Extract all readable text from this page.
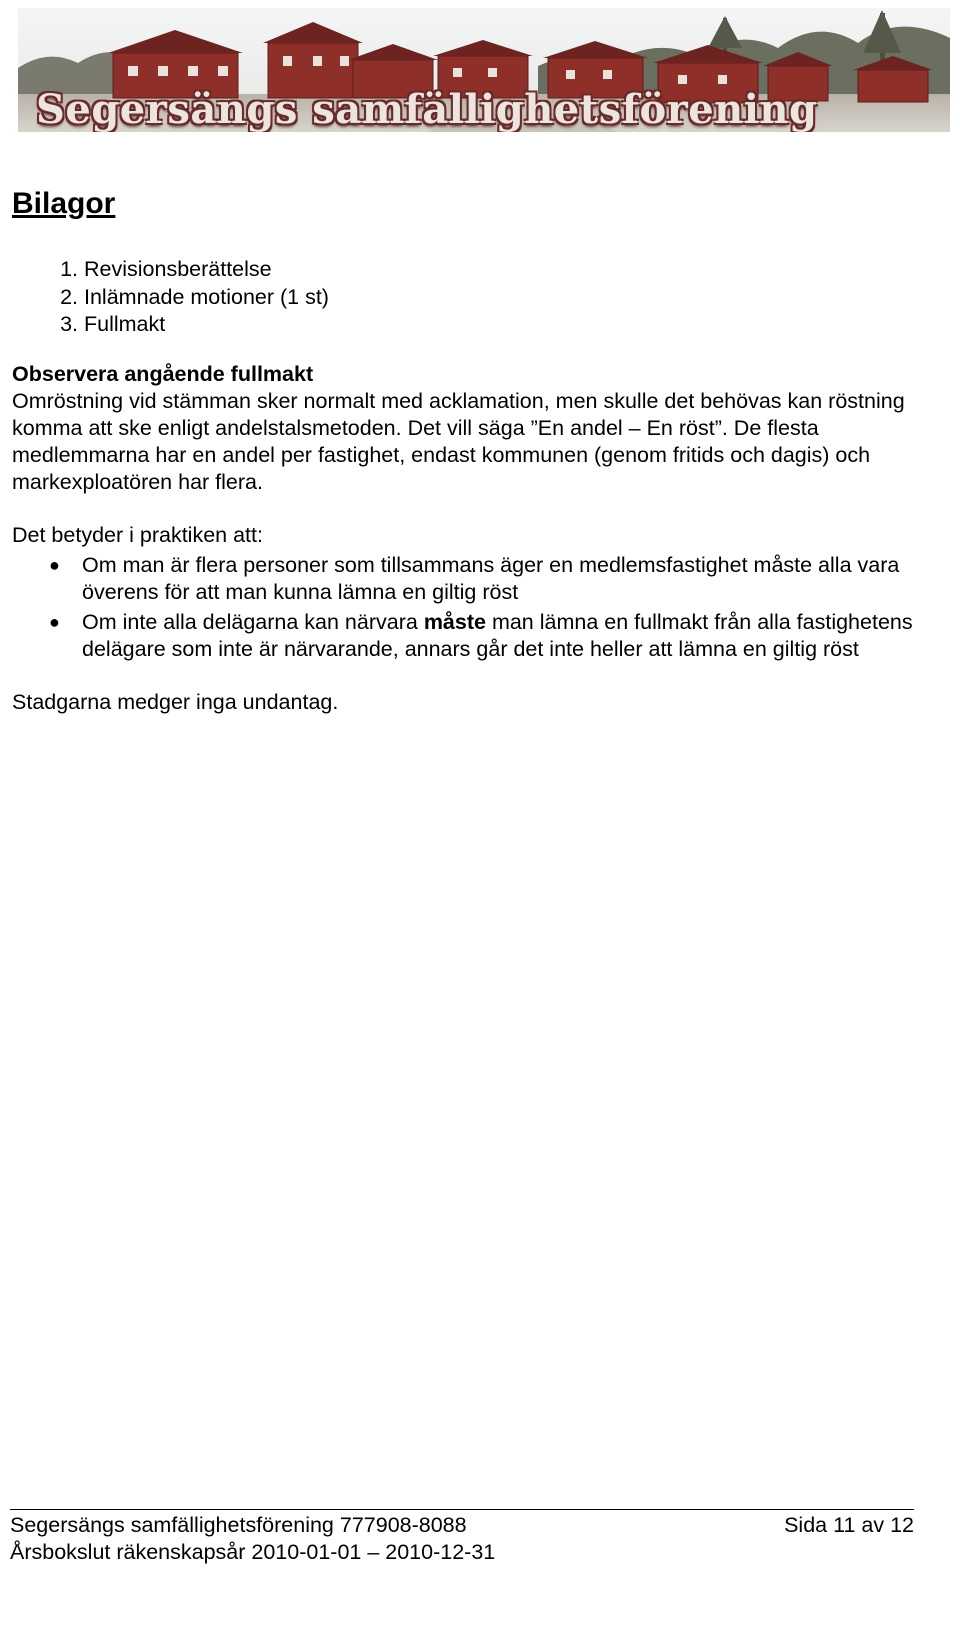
Segersängs samfällighetsförening
Bilagor
1. Revisionsberättelse
2. Inlämnade motioner (1 st)
3. Fullmakt
Observera angående fullmakt

Omröstning vid stämman sker normalt med acklamation, men skulle det behövas kan röstning komma att ske enligt andelstalsmetoden. Det vill säga ”En andel – En röst”. De flesta medlemmarna har en andel per fastighet, endast kommunen (genom fritids och dagis) och markexploatören har flera.

Det betyder i praktiken att:

● Om man är flera personer som tillsammans äger en medlemsfastighet måste alla vara överens för att man kunna lämna en giltig röst
● Om inte alla delägarna kan närvara måste man lämna en fullmakt från alla fastighetens delägare som inte är närvarande, annars går det inte heller att lämna en giltig röst

Stadgarna medger inga undantag.

Segersängs samfällighetsförening 777908-8088	Sida 11 av 12
Årsbokslut räkenskapsår 2010-01-01 – 2010-12-31
